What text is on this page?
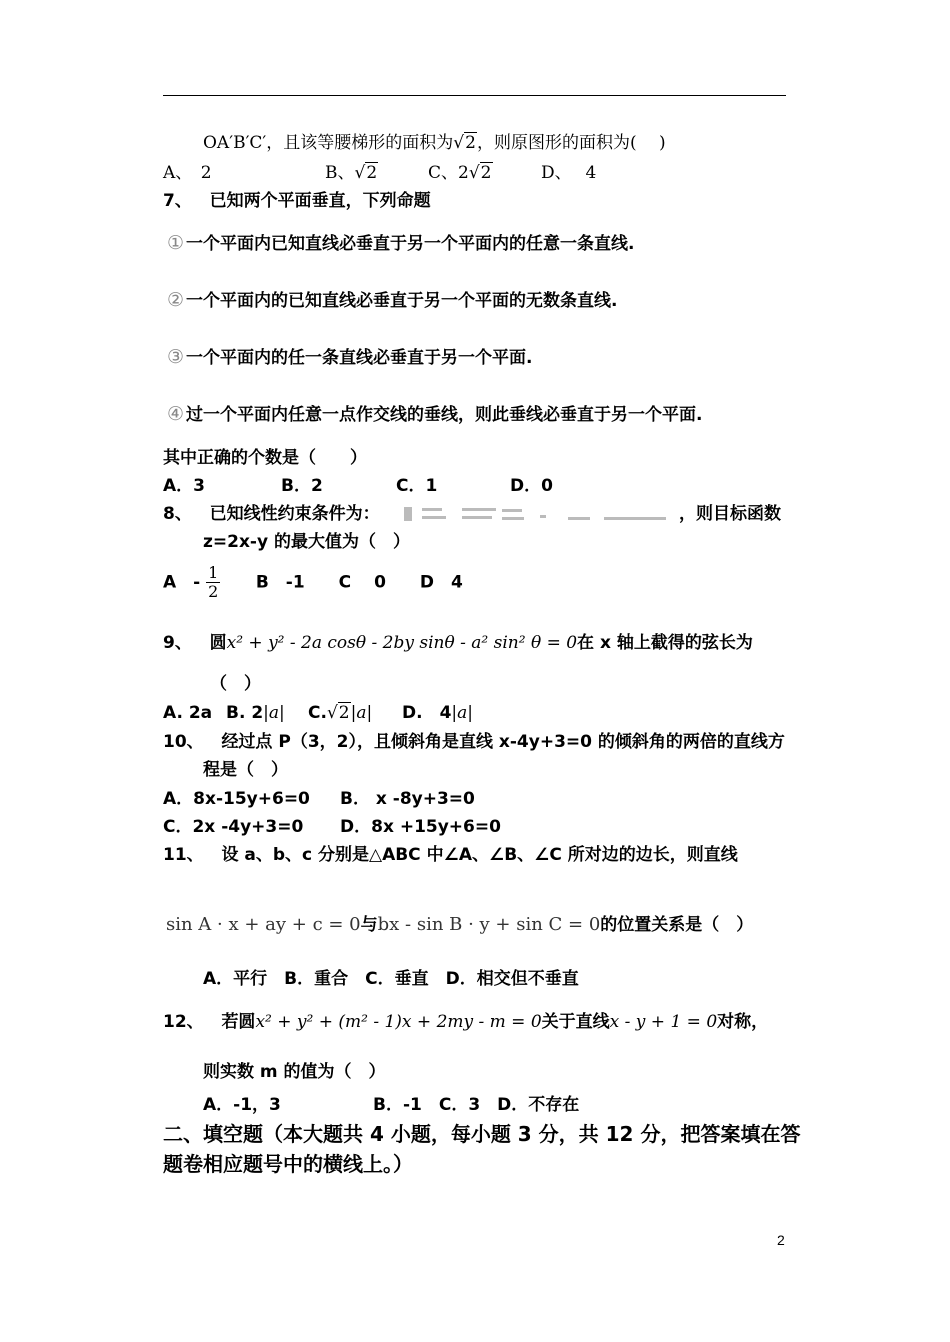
OA′B′C′，且该等腰梯形的面积为√2，则原图形的面积为(　 )
A、　2	B、√2	C、2√2	D、　 4
7、 已知两个平面垂直，下列命题
① 一个平面内已知直线必垂直于另一个平面内的任意一条直线.
② 一个平面内的已知直线必垂直于另一个平面的无数条直线.
③ 一个平面内的任一条直线必垂直于另一个平面.
④ 过一个平面内任意一点作交线的垂线，则此垂线必垂直于另一个平面.
其中正确的个数是（　　）
A．3	B．2	C．1	D．0
8、 已知线性约束条件为：	，则目标函数
z=2x-y 的最大值为（　）
A　- $\frac{1}{2}$ B　-1　　C　 0　　D　4
9、 圆x² + y² - 2a cosθ - 2by sinθ - a² sin² θ = 0在 x 轴上截得的弦长为
（　）
A. 2a B. 2|a| C.√2|a| D.　4|a|
10、 经过点 P（3，2），且倾斜角是直线 x-4y+3=0 的倾斜角的两倍的直线方
程是（　）
A．8x-15y+6=0 B． x -8y+3=0
C．2x -4y+3=0 D．8x +15y+6=0
11、 设 a、b、c 分别是△ABC 中∠A、∠B、∠C 所对边的边长，则直线
sin A · x + ay + c = 0与bx - sin B · y + sin C = 0的位置关系是（　）
A．平行　B．重合　C．垂直　D．相交但不垂直
12、 若圆x² + y² + (m² - 1)x + 2my - m = 0关于直线x - y + 1 = 0对称，
则实数 m 的值为（　）
A．-1，3	B．-1　C．3　D．不存在
二、填空题（本大题共 4 小题，每小题 3 分，共 12 分，把答案填在答
题卷相应题号中的横线上。）
2
